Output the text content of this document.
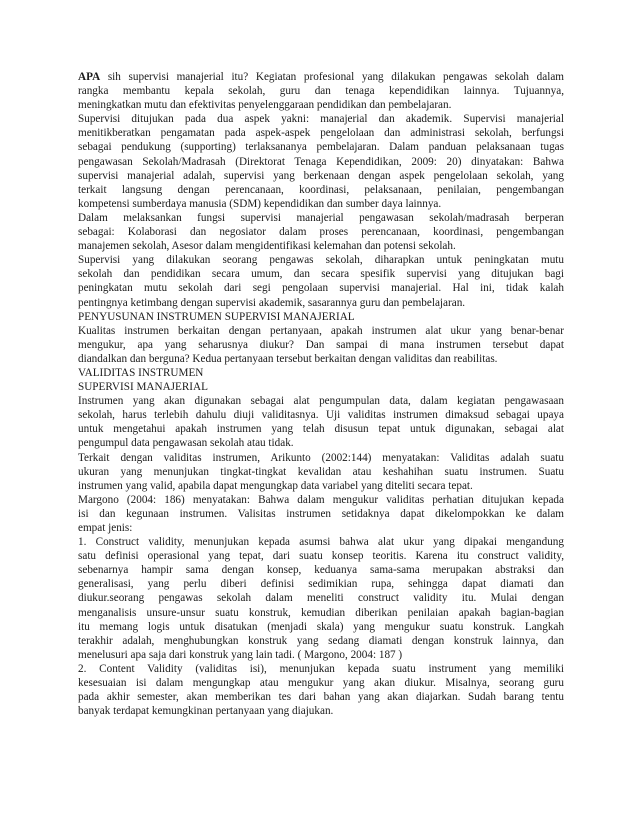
APA sih supervisi manajerial itu? Kegiatan profesional yang dilakukan pengawas sekolah dalam
rangka membantu kepala sekolah, guru dan tenaga kependidikan lainnya. Tujuannya,
meningkatkan mutu dan efektivitas penyelenggaraan pendidikan dan pembelajaran.
Supervisi ditujukan pada dua aspek yakni: manajerial dan akademik. Supervisi manajerial
menitikberatkan pengamatan pada aspek-aspek pengelolaan dan administrasi sekolah, berfungsi
sebagai pendukung (supporting) terlaksananya pembelajaran. Dalam panduan pelaksanaan tugas
pengawasan Sekolah/Madrasah (Direktorat Tenaga Kependidikan, 2009: 20) dinyatakan: Bahwa
supervisi manajerial adalah, supervisi yang berkenaan dengan aspek pengelolaan sekolah, yang
terkait langsung dengan perencanaan, koordinasi, pelaksanaan, penilaian, pengembangan
kompetensi sumberdaya manusia (SDM) kependidikan dan sumber daya lainnya.
Dalam melaksankan fungsi supervisi manajerial pengawasan sekolah/madrasah berperan
sebagai: Kolaborasi dan negosiator dalam proses perencanaan, koordinasi, pengembangan
manajemen sekolah, Asesor dalam mengidentifikasi kelemahan dan potensi sekolah.
Supervisi yang dilakukan seorang pengawas sekolah, diharapkan untuk peningkatan mutu
sekolah dan pendidikan secara umum, dan secara spesifik supervisi yang ditujukan bagi
peningkatan mutu sekolah dari segi pengolaan supervisi manajerial. Hal ini, tidak kalah
pentingnya ketimbang dengan supervisi akademik, sasarannya guru dan pembelajaran.
PENYUSUNAN INSTRUMEN SUPERVISI MANAJERIAL
Kualitas instrumen berkaitan dengan pertanyaan, apakah instrumen alat ukur yang benar-benar
mengukur, apa yang seharusnya diukur? Dan sampai di mana instrumen tersebut dapat
diandalkan dan berguna? Kedua pertanyaan tersebut berkaitan dengan validitas dan reabilitas.
VALIDITAS INSTRUMEN
SUPERVISI MANAJERIAL
Instrumen yang akan digunakan sebagai alat pengumpulan data, dalam kegiatan pengawasaan
sekolah, harus terlebih dahulu diuji validitasnya. Uji validitas instrumen dimaksud sebagai upaya
untuk mengetahui apakah instrumen yang telah disusun tepat untuk digunakan, sebagai alat
pengumpul data pengawasan sekolah atau tidak.
Terkait dengan validitas instrumen, Arikunto (2002:144) menyatakan: Validitas adalah suatu
ukuran yang menunjukan tingkat-tingkat kevalidan atau keshahihan suatu instrumen. Suatu
instrumen yang valid, apabila dapat mengungkap data variabel yang diteliti secara tepat.
Margono (2004: 186) menyatakan: Bahwa dalam mengukur validitas perhatian ditujukan kepada
isi dan kegunaan instrumen. Valisitas instrumen setidaknya dapat dikelompokkan ke dalam
empat jenis:
1. Construct validity, menunjukan kepada asumsi bahwa alat ukur yang dipakai mengandung
satu definisi operasional yang tepat, dari suatu konsep teoritis. Karena itu construct validity,
sebenarnya hampir sama dengan konsep, keduanya sama-sama merupakan abstraksi dan
generalisasi, yang perlu diberi definisi sedimikian rupa, sehingga dapat diamati dan
diukur.seorang pengawas sekolah dalam meneliti construct validity itu. Mulai dengan
menganalisis unsure-unsur suatu konstruk, kemudian diberikan penilaian apakah bagian-bagian
itu memang logis untuk disatukan (menjadi skala) yang mengukur suatu konstruk. Langkah
terakhir adalah, menghubungkan konstruk yang sedang diamati dengan konstruk lainnya, dan
menelusuri apa saja dari konstruk yang lain tadi. ( Margono, 2004: 187 )
2. Content Validity (validitas isi), menunjukan kepada suatu instrument yang memiliki
kesesuaian isi dalam mengungkap atau mengukur yang akan diukur. Misalnya, seorang guru
pada akhir semester, akan memberikan tes dari bahan yang akan diajarkan. Sudah barang tentu
banyak terdapat kemungkinan pertanyaan yang diajukan.
